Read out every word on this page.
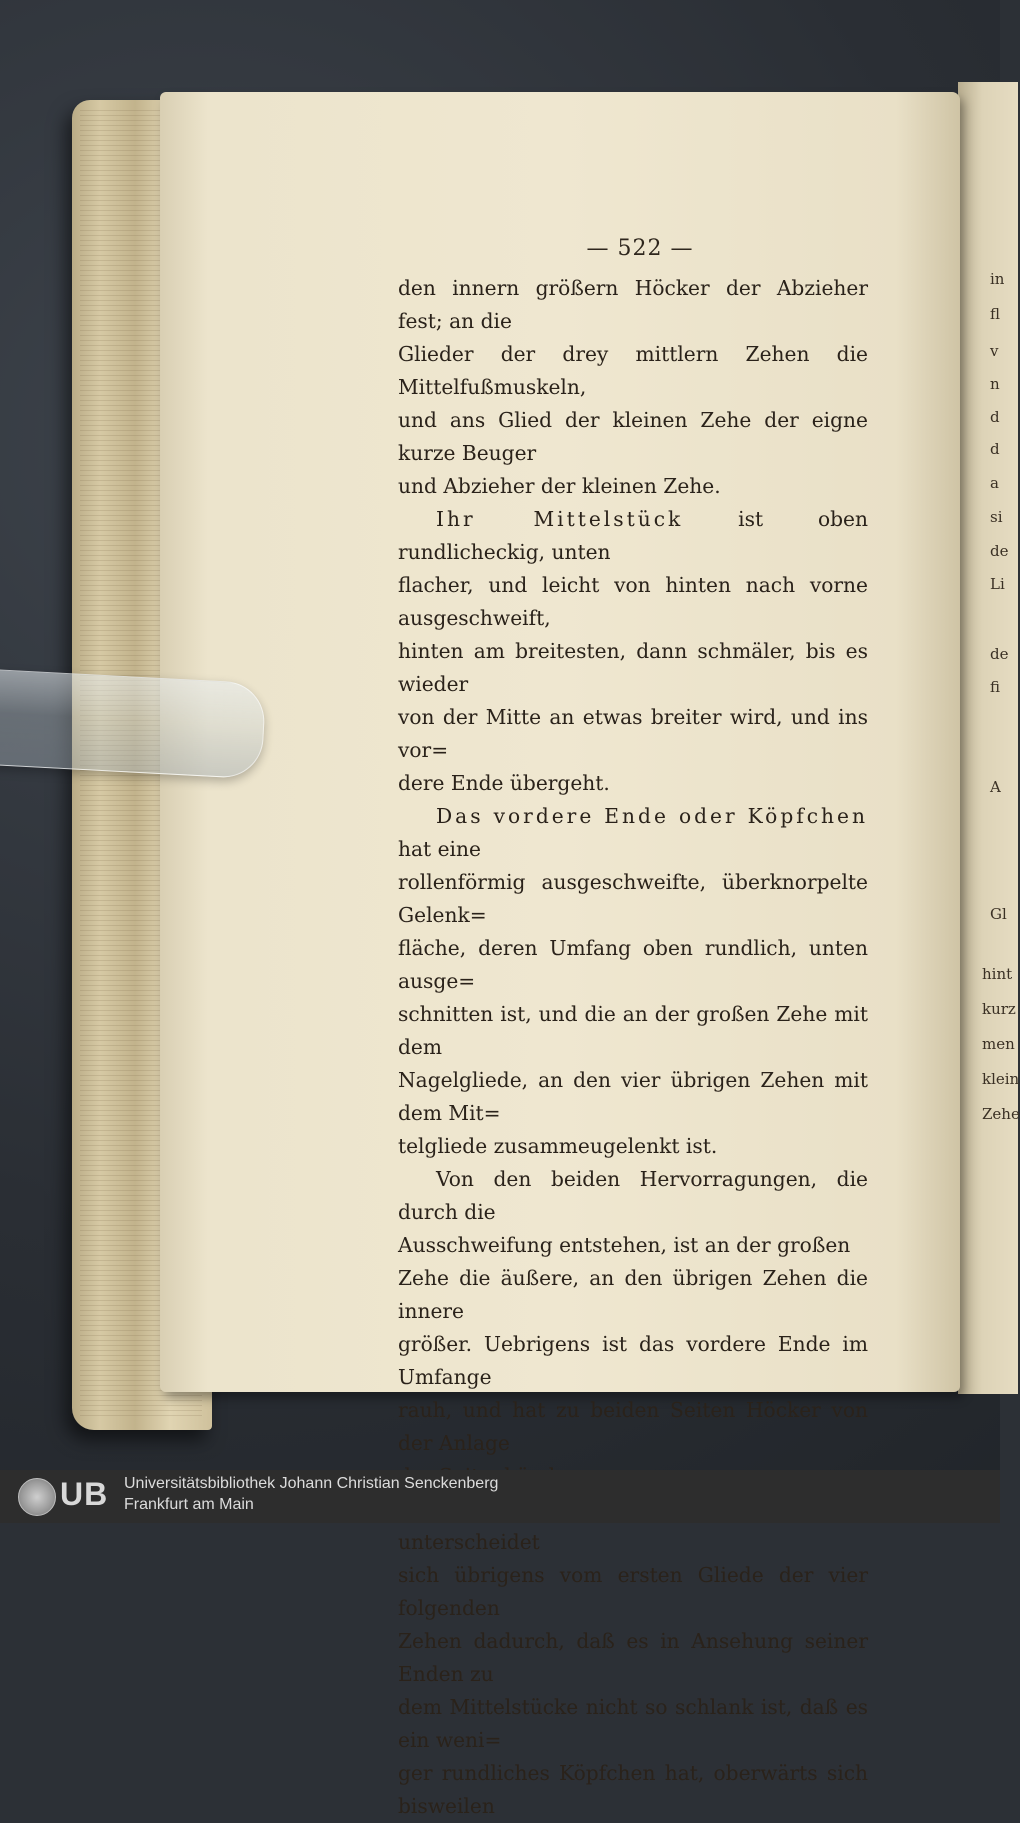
in
fl
v
n
d
d
a
si
de
Li
de
fi
A
Gl
hint
kurz
men
klein
Zehe
— 522 —

den innern größern Höcker der Abzieher fest; an die
Glieder der drey mittlern Zehen die Mittelfußmuskeln,
und ans Glied der kleinen Zehe der eigne kurze Beuger
und Abzieher der kleinen Zehe.

Ihr Mittelstück ist oben rundlicheckig, unten
flacher, und leicht von hinten nach vorne ausgeschweift,
hinten am breitesten, dann schmäler, bis es wieder
von der Mitte an etwas breiter wird, und ins vor=
dere Ende übergeht.

Das vordere Ende oder Köpfchen hat eine
rollenförmig ausgeschweifte, überknorpelte Gelenk=
fläche, deren Umfang oben rundlich, unten ausge=
schnitten ist, und die an der großen Zehe mit dem
Nagelgliede, an den vier übrigen Zehen mit dem Mit=
telgliede zusammeugelenkt ist.

Von den beiden Hervorragungen, die durch die
Ausschweifung entstehen, ist an der großen
Zehe die äußere, an den übrigen Zehen die innere
größer. Uebrigens ist das vordere Ende im Umfange
rauh, und hat zu beiden Seiten Höcker von der Anlage

unterscheidet
sich übrigens vom ersten Gliede der vier folgenden
Zehen dadurch, daß es in Ansehung seiner Enden zu
dem Mittelstücke nicht so schlank ist, daß es ein weni=
ger rundliches Köpfchen hat, oberwärts sich bisweilen

UB Universitätsbibliothek Johann Christian Senckenberg
Frankfurt am Main
